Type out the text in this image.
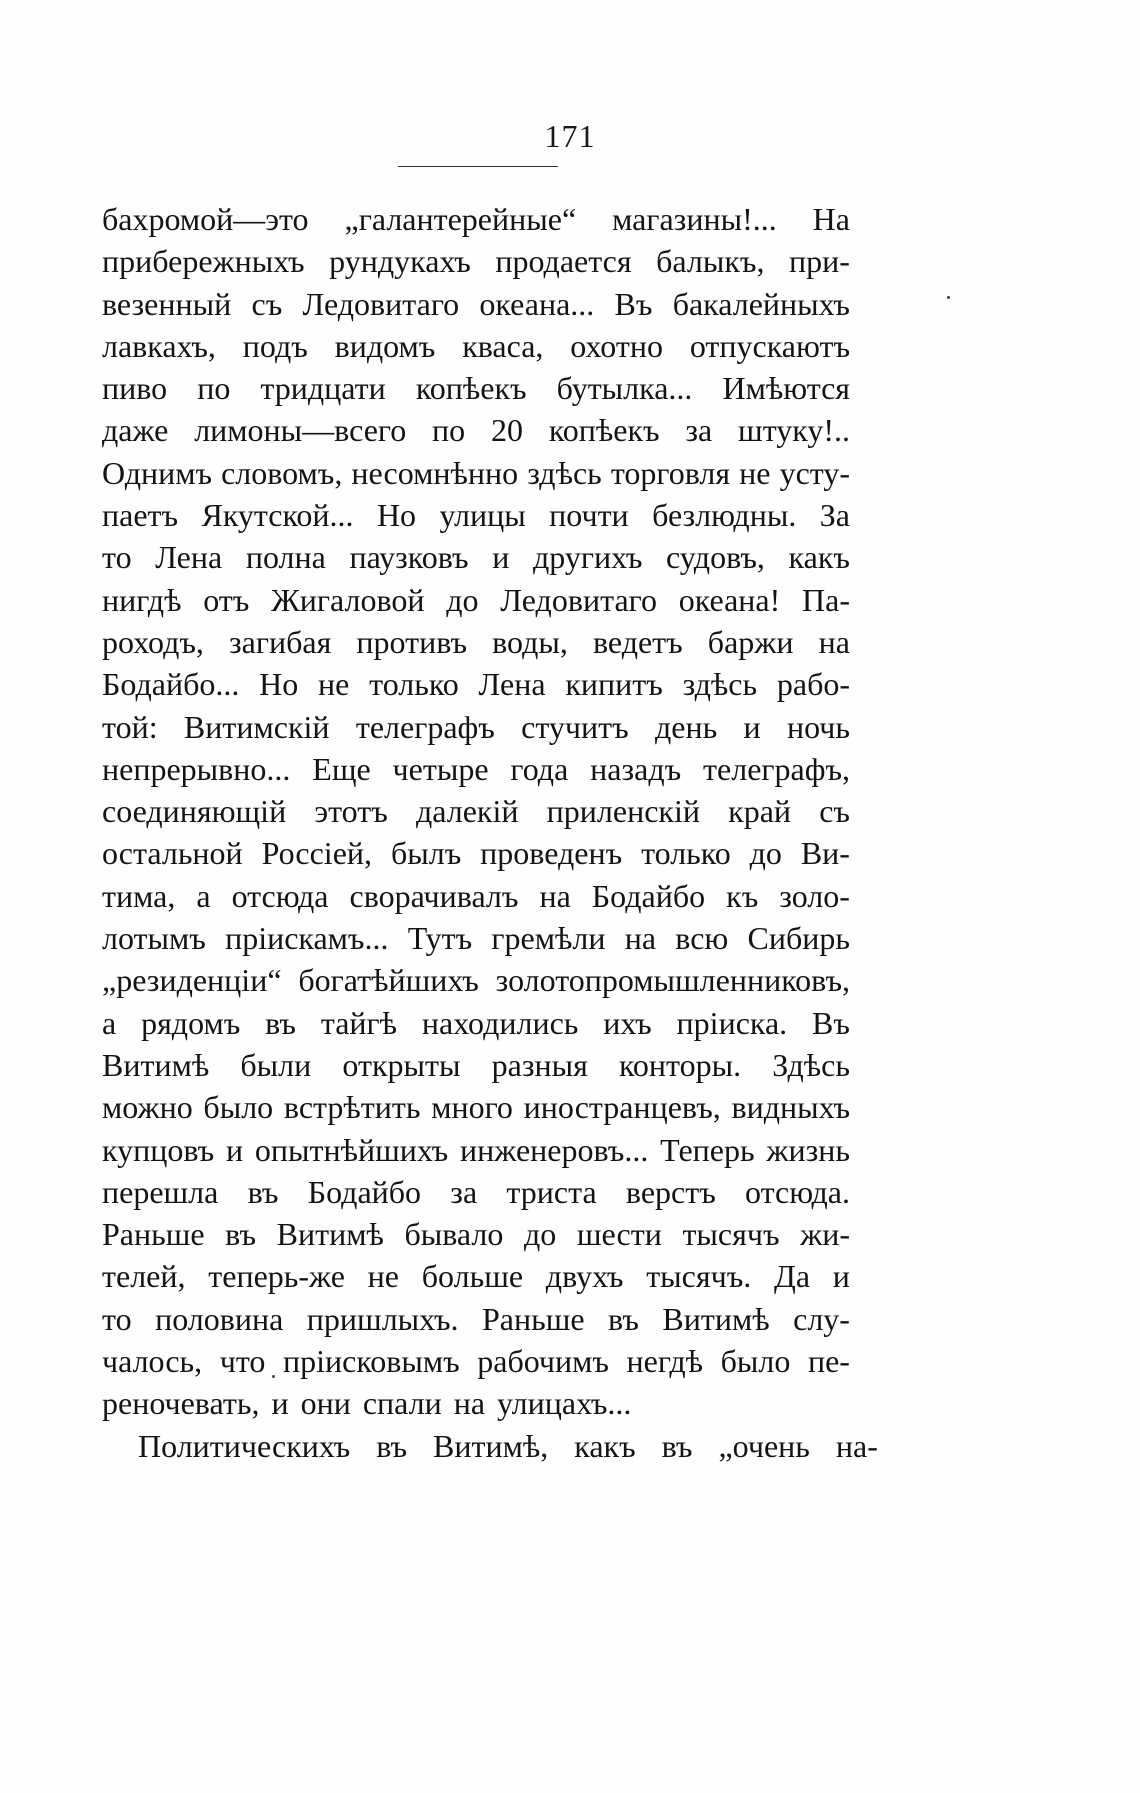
171
бахромой—это „галантерейные“ магазины!... На
прибережныхъ рундукахъ продается балыкъ, при-
везенный съ Ледовитаго океана... Въ бакалейныхъ
лавкахъ, подъ видомъ кваса, охотно отпускаютъ
пиво по тридцати копѣекъ бутылка... Имѣются
даже лимоны—всего по 20 копѣекъ за штуку!..
Однимъ словомъ, несомнѣнно здѣсь торговля не усту-
паетъ Якутской... Но улицы почти безлюдны. За
то Лена полна паузковъ и другихъ судовъ, какъ
нигдѣ отъ Жигаловой до Ледовитаго океана! Па-
роходъ, загибая противъ воды, ведетъ баржи на
Бодайбо... Но не только Лена кипитъ здѣсь рабо-
той: Витимскій телеграфъ стучитъ день и ночь
непрерывно... Еще четыре года назадъ телеграфъ,
соединяющій этотъ далекій приленскій край съ
остальной Россіей, былъ проведенъ только до Ви-
тима, а отсюда сворачивалъ на Бодайбо къ золо-
лотымъ пріискамъ... Тутъ гремѣли на всю Сибирь
„резиденціи“ богатѣйшихъ золотопромышленниковъ,
а рядомъ въ тайгѣ находились ихъ пріиска. Въ
Витимѣ были открыты разныя конторы. Здѣсь
можно было встрѣтить много иностранцевъ, видныхъ
купцовъ и опытнѣйшихъ инженеровъ... Теперь жизнь
перешла въ Бодайбо за триста верстъ отсюда.
Раньше въ Витимѣ бывало до шести тысячъ жи-
телей, теперь-же не больше двухъ тысячъ. Да и
то половина пришлыхъ. Раньше въ Витимѣ слу-
чалось, что пріисковымъ рабочимъ негдѣ было пе-
реночевать, и они спали на улицахъ...
Политическихъ въ Витимѣ, какъ въ „очень на-
